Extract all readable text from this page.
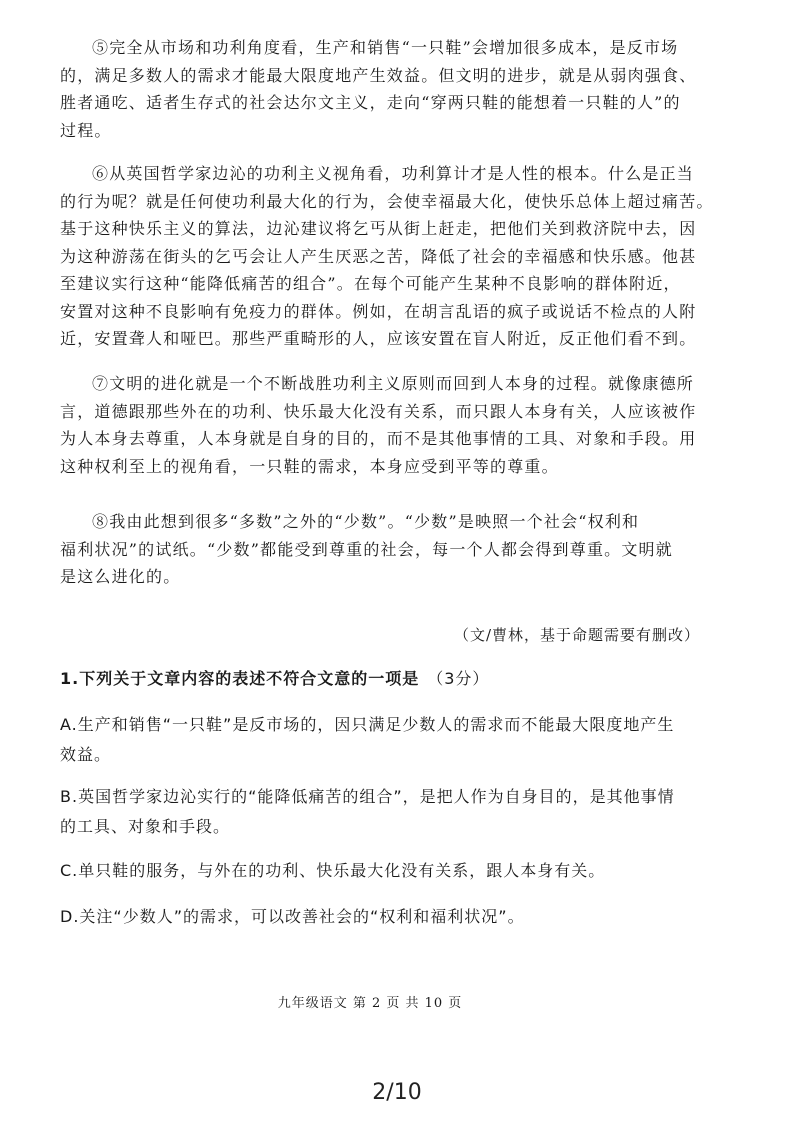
⑤完全从市场和功利角度看，生产和销售“一只鞋”会增加很多成本，是反市场
的，满足多数人的需求才能最大限度地产生效益。但文明的进步，就是从弱肉强食、
胜者通吃、适者生存式的社会达尔文主义，走向“穿两只鞋的能想着一只鞋的人”的
过程。
⑥从英国哲学家边沁的功利主义视角看，功利算计才是人性的根本。什么是正当
的行为呢？就是任何使功利最大化的行为，会使幸福最大化，使快乐总体上超过痛苦。
基于这种快乐主义的算法，边沁建议将乞丐从街上赶走，把他们关到救济院中去，因
为这种游荡在街头的乞丐会让人产生厌恶之苦，降低了社会的幸福感和快乐感。他甚
至建议实行这种“能降低痛苦的组合”。在每个可能产生某种不良影响的群体附近，
安置对这种不良影响有免疫力的群体。例如，在胡言乱语的疯子或说话不检点的人附
近，安置聋人和哑巴。那些严重畸形的人，应该安置在盲人附近，反正他们看不到。
⑦文明的进化就是一个不断战胜功利主义原则而回到人本身的过程。就像康德所
言，道德跟那些外在的功利、快乐最大化没有关系，而只跟人本身有关，人应该被作
为人本身去尊重，人本身就是自身的目的，而不是其他事情的工具、对象和手段。用
这种权利至上的视角看，一只鞋的需求，本身应受到平等的尊重。
⑧我由此想到很多“多数”之外的“少数”。“少数”是映照一个社会“权利和
福利状况”的试纸。“少数”都能受到尊重的社会，每一个人都会得到尊重。文明就
是这么进化的。
（文/曹林，基于命题需要有删改）
1.下列关于文章内容的表述不符合文意的一项是 （3分）
A.生产和销售“一只鞋”是反市场的，因只满足少数人的需求而不能最大限度地产生
效益。
B.英国哲学家边沁实行的“能降低痛苦的组合”，是把人作为自身目的，是其他事情
的工具、对象和手段。
C.单只鞋的服务，与外在的功利、快乐最大化没有关系，跟人本身有关。
D.关注“少数人”的需求，可以改善社会的“权利和福利状况”。
九年级语文 第 2 页 共 10 页
2/10
